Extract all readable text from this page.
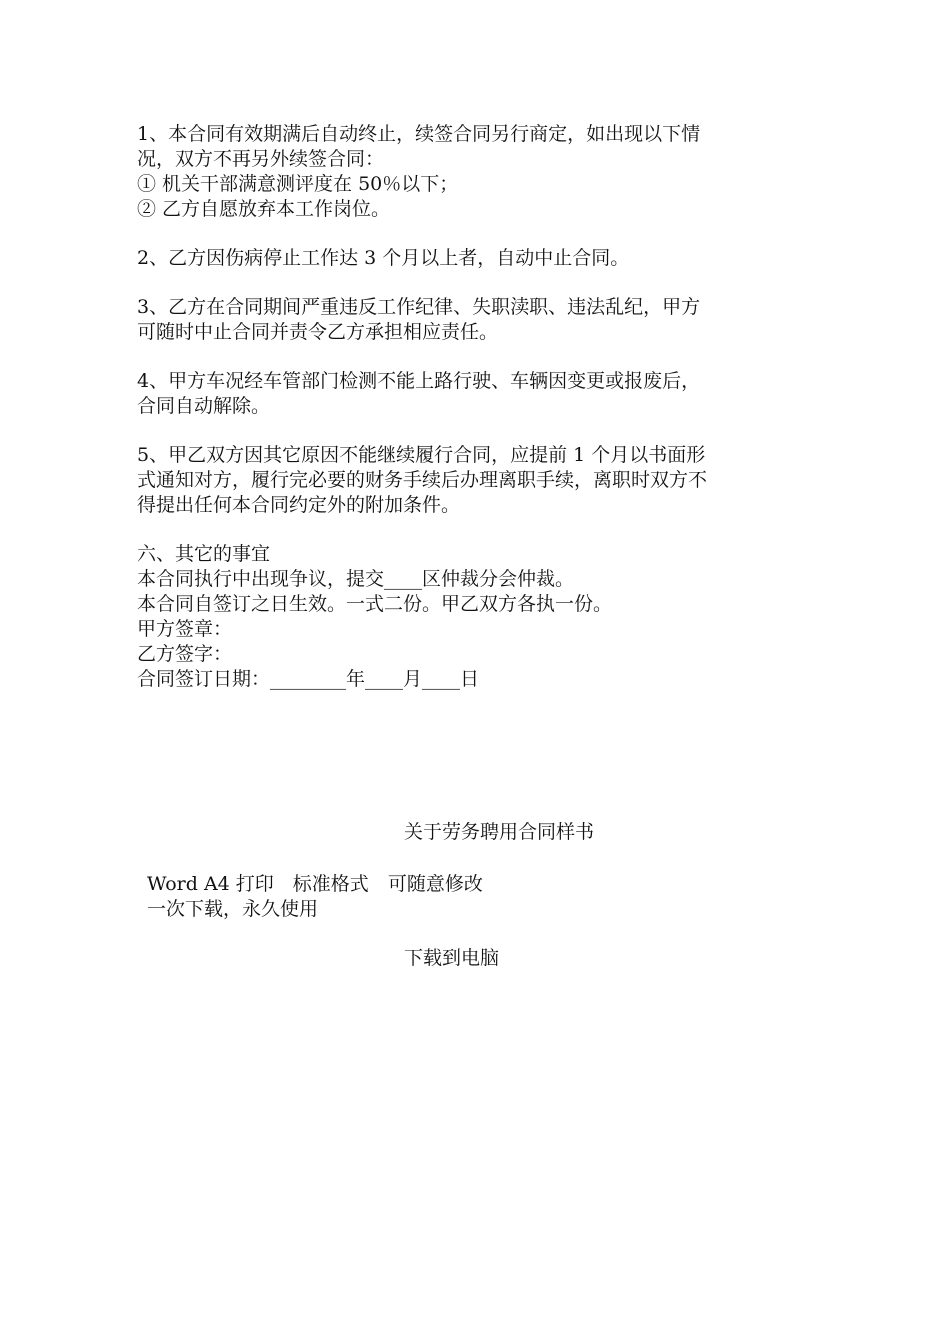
1、本合同有效期满后自动终止，续签合同另行商定，如出现以下情
况，双方不再另外续签合同：
① 机关干部满意测评度在 50％以下；
② 乙方自愿放弃本工作岗位。
2、乙方因伤病停止工作达 3 个月以上者，自动中止合同。
3、乙方在合同期间严重违反工作纪律、失职渎职、违法乱纪，甲方
可随时中止合同并责令乙方承担相应责任。
4、甲方车况经车管部门检测不能上路行驶、车辆因变更或报废后，
合同自动解除。
5、甲乙双方因其它原因不能继续履行合同，应提前 1 个月以书面形
式通知对方，履行完必要的财务手续后办理离职手续，离职时双方不
得提出任何本合同约定外的附加条件。
六、其它的事宜
本合同执行中出现争议，提交____区仲裁分会仲裁。
本合同自签订之日生效。一式二份。甲乙双方各执一份。
甲方签章：
乙方签字：
合同签订日期：________年____月____日
关于劳务聘用合同样书
Word A4 打印　标准格式　可随意修改
一次下载，永久使用
下载到电脑
